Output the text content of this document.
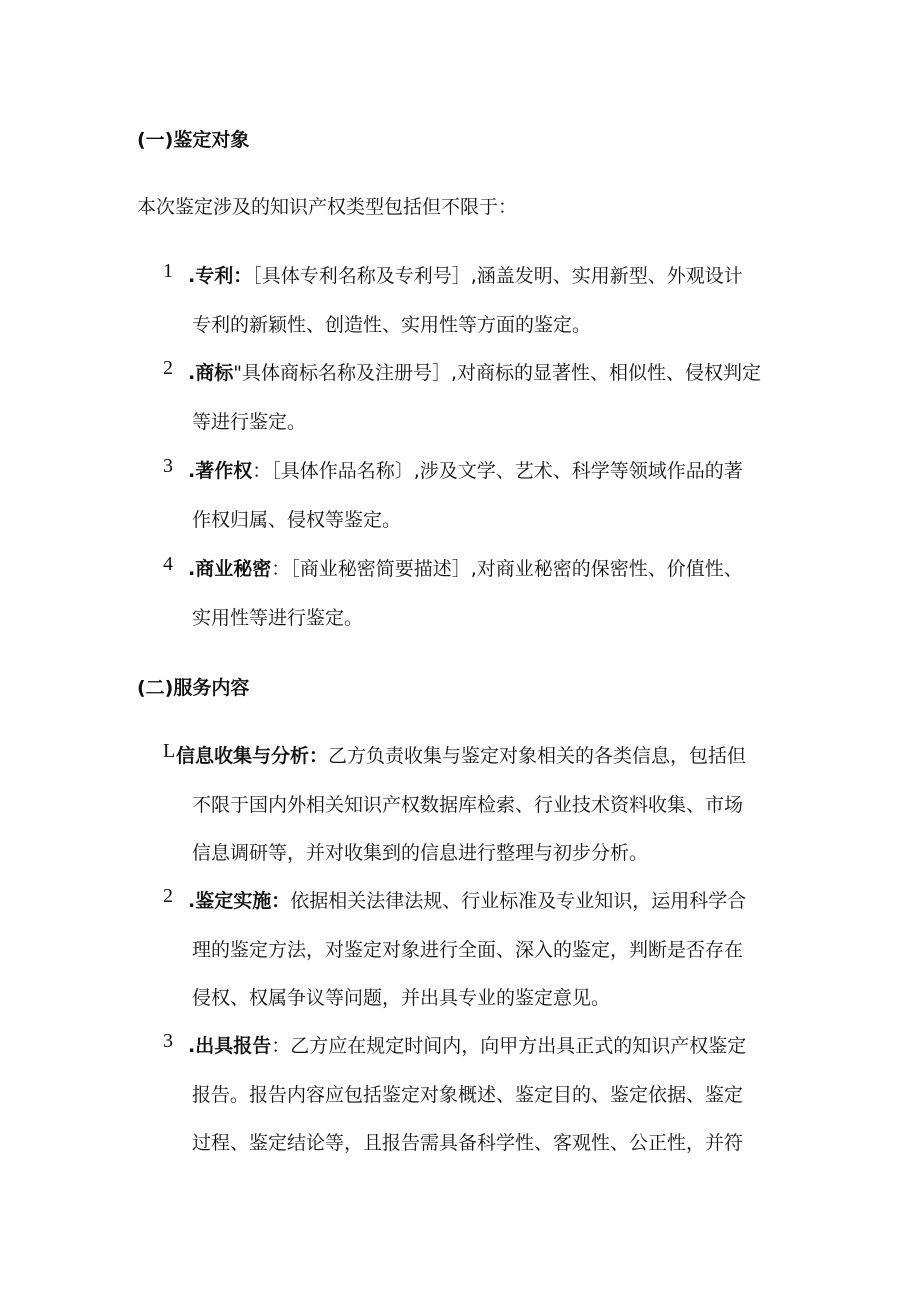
(一)鉴定对象
本次鉴定涉及的知识产权类型包括但不限于：
1 .专利：［具体专利名称及专利号］,涵盖发明、实用新型、外观设计
专利的新颖性、创造性、实用性等方面的鉴定。
2 .商标"具体商标名称及注册号］,对商标的显著性、相似性、侵权判定
等进行鉴定。
3 .著作权：［具体作品名称〕,涉及文学、艺术、科学等领域作品的著
作权归属、侵权等鉴定。
4 .商业秘密：［商业秘密简要描述］,对商业秘密的保密性、价值性、
实用性等进行鉴定。
(二)服务内容
L 信息收集与分析：乙方负责收集与鉴定对象相关的各类信息，包括但
不限于国内外相关知识产权数据库检索、行业技术资料收集、市场
信息调研等，并对收集到的信息进行整理与初步分析。
2 .鉴定实施：依据相关法律法规、行业标准及专业知识，运用科学合
理的鉴定方法，对鉴定对象进行全面、深入的鉴定，判断是否存在
侵权、权属争议等问题，并出具专业的鉴定意见。
3 .出具报告：乙方应在规定时间内，向甲方出具正式的知识产权鉴定
报告。报告内容应包括鉴定对象概述、鉴定目的、鉴定依据、鉴定
过程、鉴定结论等，且报告需具备科学性、客观性、公正性，并符
